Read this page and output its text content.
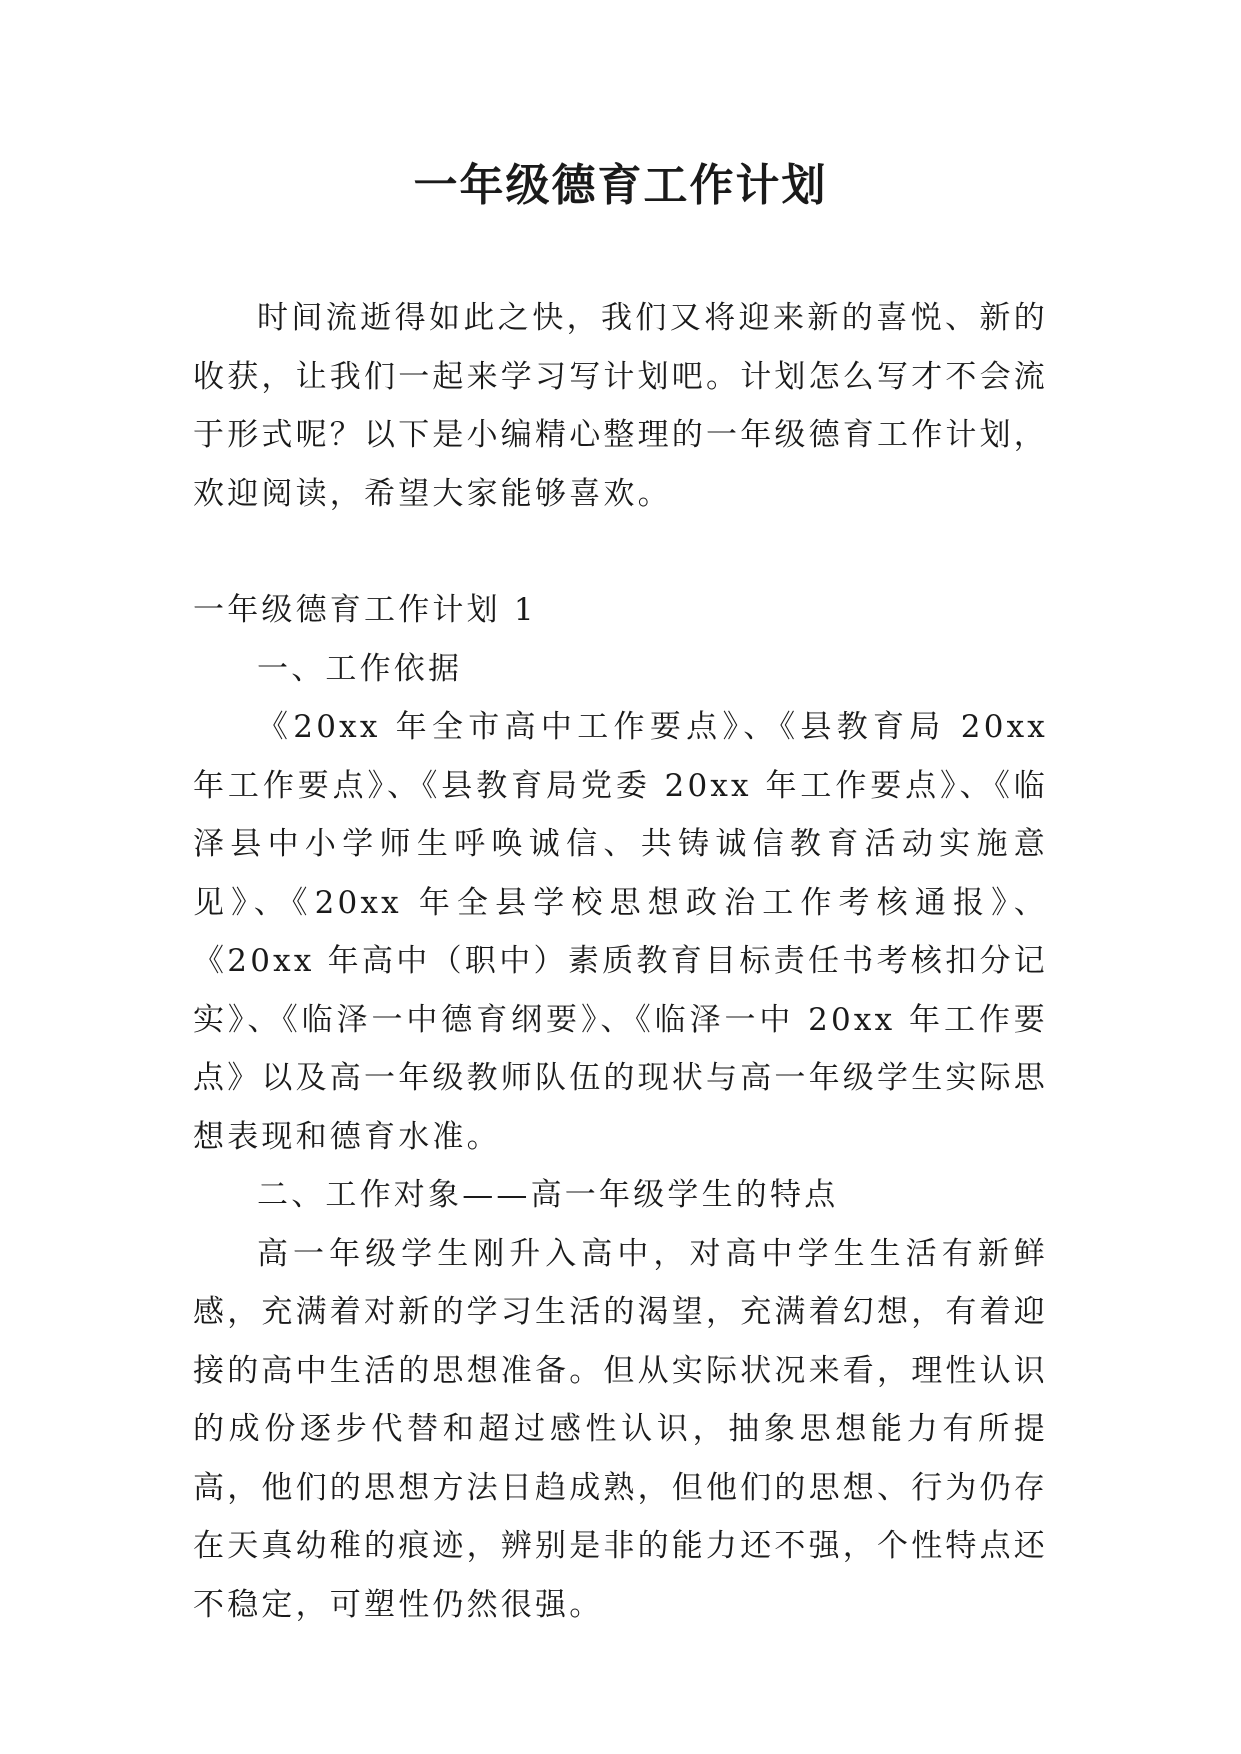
一年级德育工作计划

时间流逝得如此之快，我们又将迎来新的喜悦、新的收获，让我们一起来学习写计划吧。计划怎么写才不会流于形式呢？以下是小编精心整理的一年级德育工作计划，欢迎阅读，希望大家能够喜欢。

一年级德育工作计划 1

一、工作依据

《20xx 年全市高中工作要点》、《县教育局 20xx 年工作要点》、《县教育局党委 20xx 年工作要点》、《临泽县中小学师生呼唤诚信、共铸诚信教育活动实施意见》、《20xx 年全县学校思想政治工作考核通报》、《20xx 年高中（职中）素质教育目标责任书考核扣分记实》、《临泽一中德育纲要》、《临泽一中 20xx 年工作要点》以及高一年级教师队伍的现状与高一年级学生实际思想表现和德育水准。

二、工作对象——高一年级学生的特点

高一年级学生刚升入高中，对高中学生生活有新鲜感，充满着对新的学习生活的渴望，充满着幻想，有着迎接的高中生活的思想准备。但从实际状况来看，理性认识的成份逐步代替和超过感性认识，抽象思想能力有所提高，他们的思想方法日趋成熟，但他们的思想、行为仍存在天真幼稚的痕迹，辨别是非的能力还不强，个性特点还不稳定，可塑性仍然很强。
